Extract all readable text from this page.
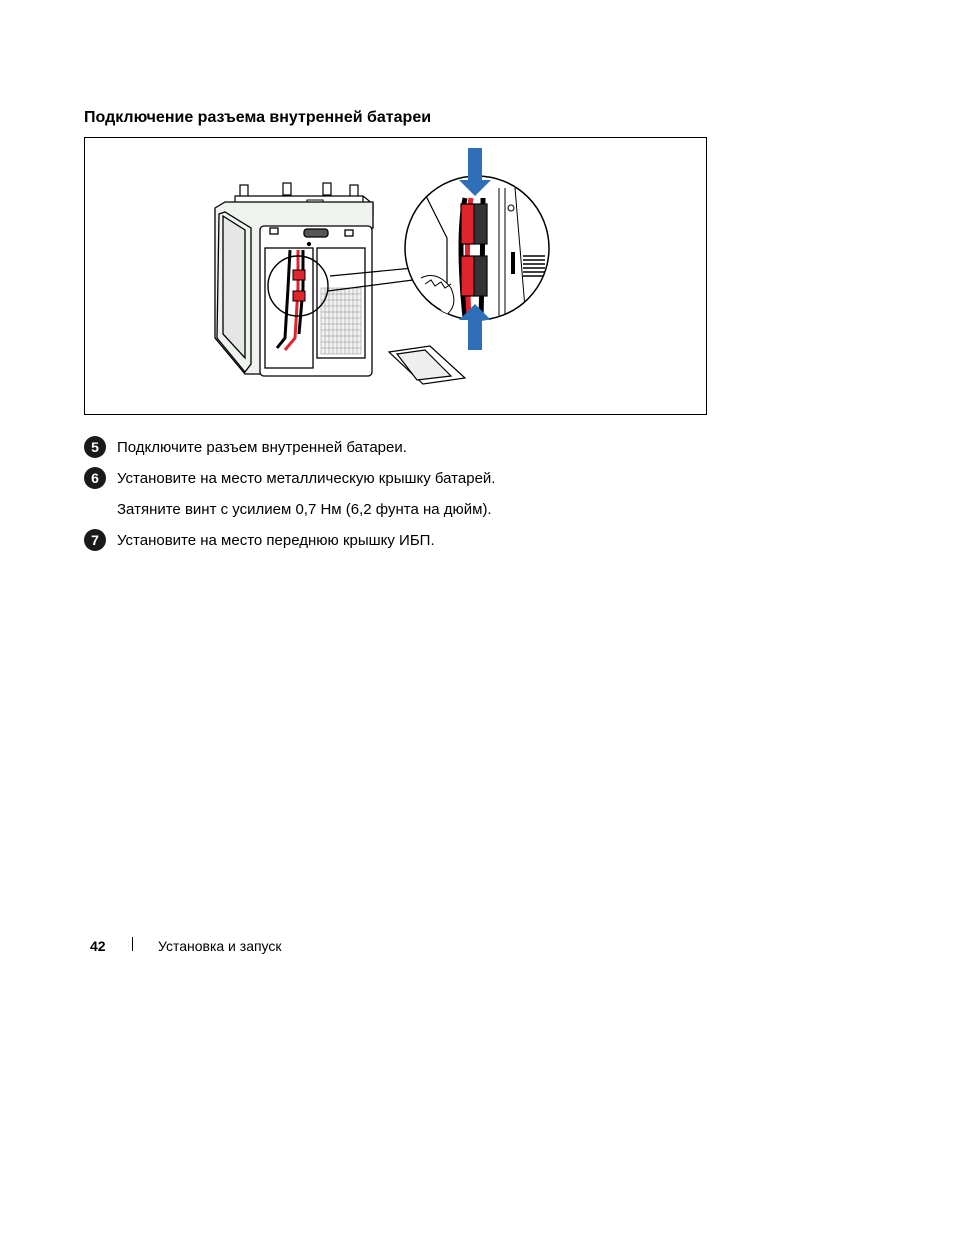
Подключение разъема внутренней батареи
5	Подключите разъем внутренней батареи.
6	Установите на место металлическую крышку батарей.
Затяните винт с усилием 0,7 Нм (6,2 фунта на дюйм).
7	Установите на место переднюю крышку ИБП.
42	Установка и запуск
